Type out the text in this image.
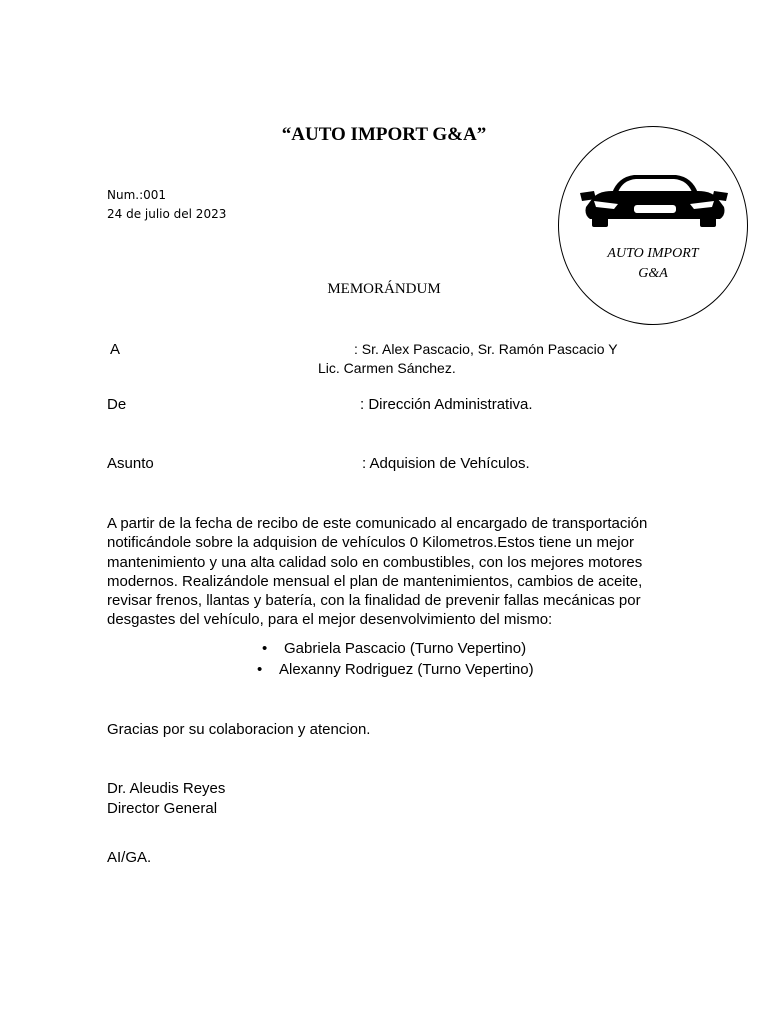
“AUTO IMPORT G&A”
Num.:001
24 de julio del 2023
AUTO IMPORT
G&A
MEMORÁNDUM
A	: Sr. Alex Pascacio, Sr. Ramón Pascacio Y
Lic. Carmen Sánchez.
De	: Dirección Administrativa.
Asunto	: Adquision de Vehículos.
A partir de la fecha de recibo de este comunicado al encargado de transportación notificándole sobre la adquision de vehículos 0 Kilometros.Estos tiene un mejor mantenimiento y una alta calidad solo en combustibles, con los mejores motores modernos. Realizándole mensual el plan de mantenimientos, cambios de aceite, revisar frenos, llantas y batería, con la finalidad de prevenir fallas mecánicas por desgastes del vehículo, para el mejor desenvolvimiento del mismo:
• Gabriela Pascacio (Turno Vepertino)
• Alexanny Rodriguez (Turno Vepertino)
Gracias por su colaboracion y atencion.
Dr. Aleudis Reyes
Director General
AI/GA.
